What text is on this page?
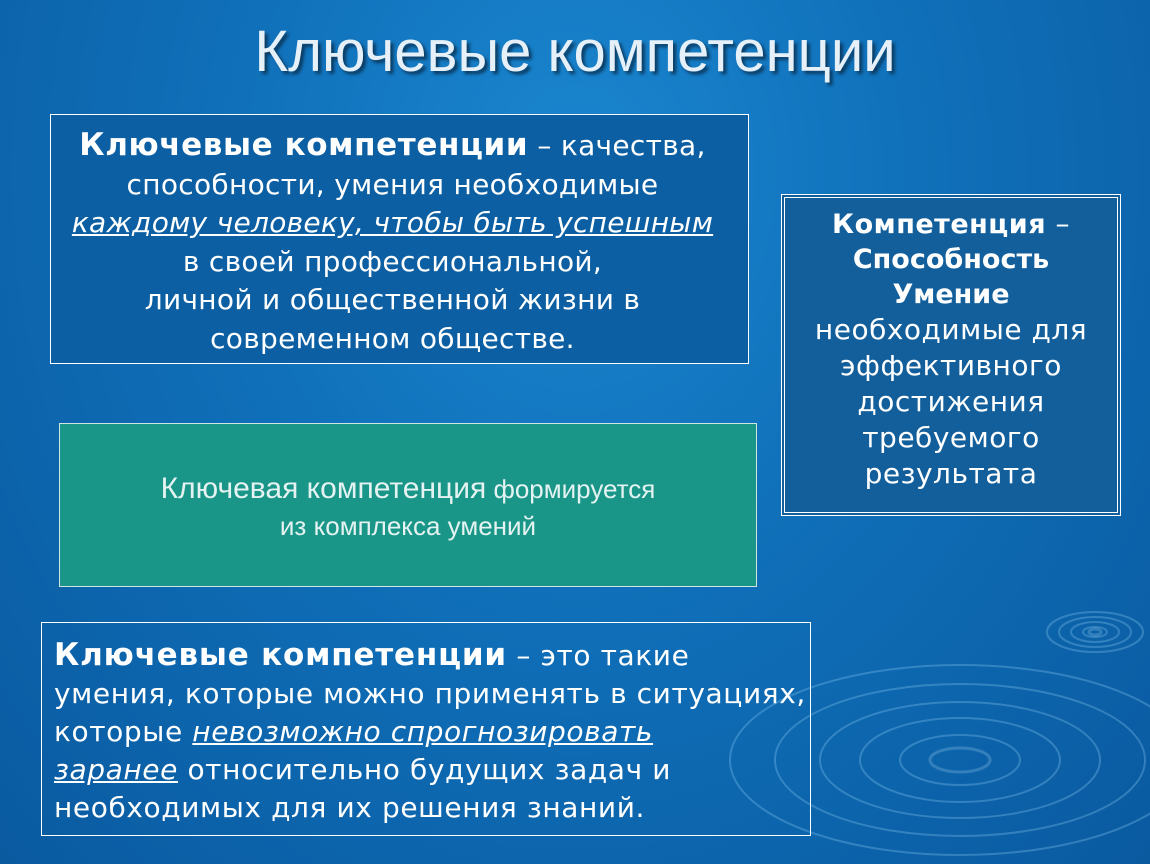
Ключевые компетенции
Ключевые компетенции – качества,
способности, умения необходимые
каждому человеку, чтобы быть успешным
в своей профессиональной,
личной и общественной жизни в
современном обществе.
Компетенция –
Способность
Умение
необходимые для
эффективного
достижения
требуемого
результата
Ключевая компетенция формируется
из комплекса умений
Ключевые компетенции – это такие
умения, которые можно применять в ситуациях,
которые невозможно спрогнозировать
заранее относительно будущих задач и
необходимых для их решения знаний.
